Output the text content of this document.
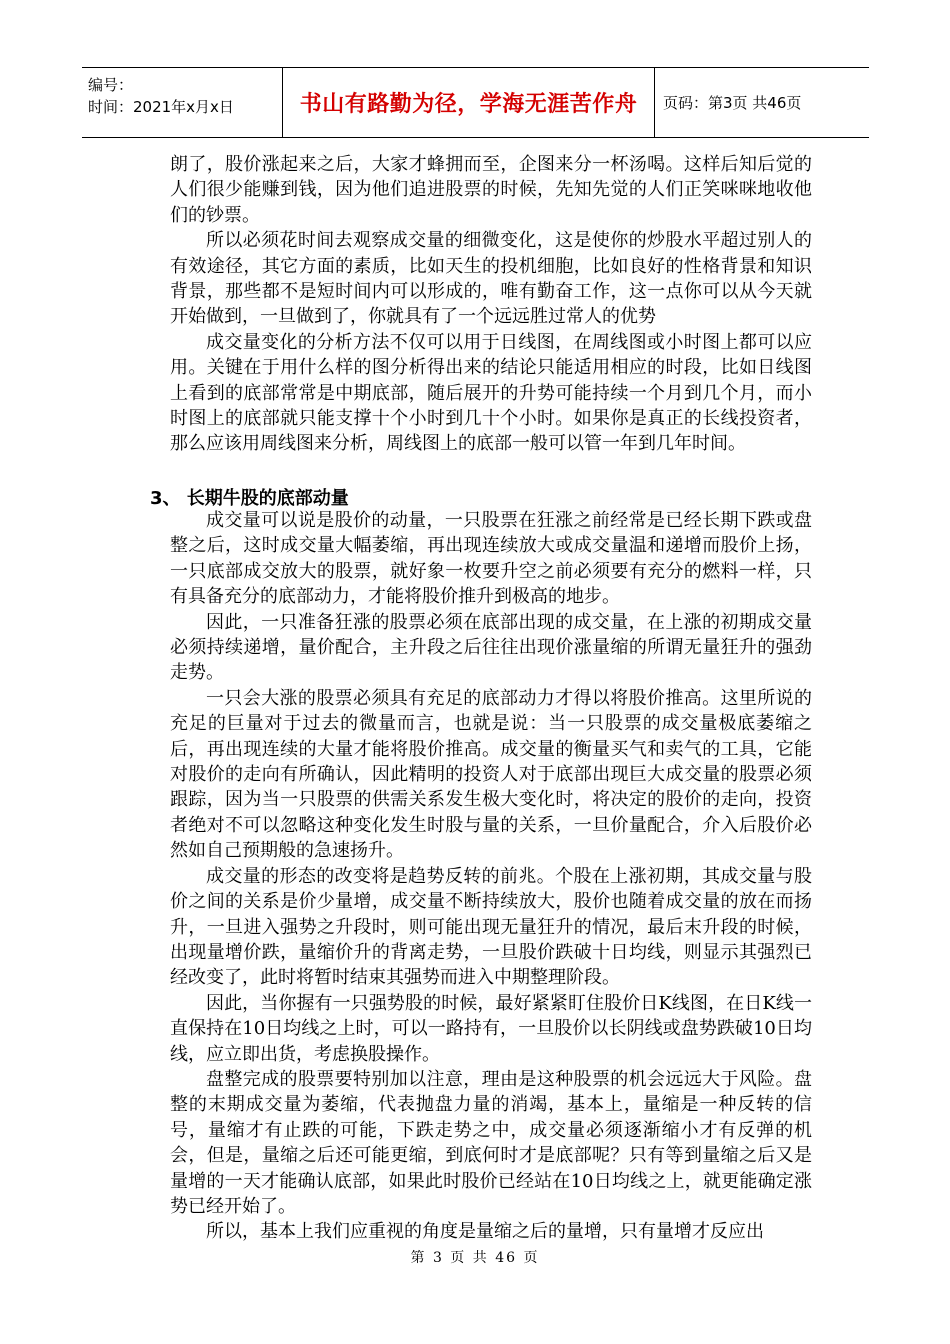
编号：
时间：2021年x月x日	书山有路勤为径，学海无涯苦作舟	页码：第3页 共46页

朗了，股价涨起来之后，大家才蜂拥而至，企图来分一杯汤喝。这样后知后觉的人们很少能赚到钱，因为他们追进股票的时候，先知先觉的人们正笑咪咪地收他们的钞票。

所以必须花时间去观察成交量的细微变化，这是使你的炒股水平超过别人的有效途径，其它方面的素质，比如天生的投机细胞，比如良好的性格背景和知识背景，那些都不是短时间内可以形成的，唯有勤奋工作，这一点你可以从今天就开始做到，一旦做到了，你就具有了一个远远胜过常人的优势

成交量变化的分析方法不仅可以用于日线图，在周线图或小时图上都可以应用。关键在于用什么样的图分析得出来的结论只能适用相应的时段，比如日线图上看到的底部常常是中期底部，随后展开的升势可能持续一个月到几个月，而小时图上的底部就只能支撑十个小时到几十个小时。如果你是真正的长线投资者，那么应该用周线图来分析，周线图上的底部一般可以管一年到几年时间。

3、 长期牛股的底部动量

成交量可以说是股价的动量，一只股票在狂涨之前经常是已经长期下跌或盘整之后，这时成交量大幅萎缩，再出现连续放大或成交量温和递增而股价上扬，一只底部成交放大的股票，就好象一枚要升空之前必须要有充分的燃料一样，只有具备充分的底部动力，才能将股价推升到极高的地步。

因此，一只准备狂涨的股票必须在底部出现的成交量，在上涨的初期成交量必须持续递增，量价配合，主升段之后往往出现价涨量缩的所谓无量狂升的强劲走势。

一只会大涨的股票必须具有充足的底部动力才得以将股价推高。这里所说的充足的巨量对于过去的微量而言，也就是说：当一只股票的成交量极底萎缩之后，再出现连续的大量才能将股价推高。成交量的衡量买气和卖气的工具，它能对股价的走向有所确认，因此精明的投资人对于底部出现巨大成交量的股票必须跟踪，因为当一只股票的供需关系发生极大变化时，将决定的股价的走向，投资者绝对不可以忽略这种变化发生时股与量的关系，一旦价量配合，介入后股价必然如自己预期般的急速扬升。

成交量的形态的改变将是趋势反转的前兆。个股在上涨初期，其成交量与股价之间的关系是价少量增，成交量不断持续放大，股价也随着成交量的放在而扬升，一旦进入强势之升段时，则可能出现无量狂升的情况，最后末升段的时候，出现量增价跌，量缩价升的背离走势，一旦股价跌破十日均线，则显示其强烈已经改变了，此时将暂时结束其强势而进入中期整理阶段。

因此，当你握有一只强势股的时候，最好紧紧盯住股价日K线图，在日K线一直保持在10日均线之上时，可以一路持有，一旦股价以长阴线或盘势跌破10日均线，应立即出货，考虑换股操作。

盘整完成的股票要特别加以注意，理由是这种股票的机会远远大于风险。盘整的末期成交量为萎缩，代表抛盘力量的消竭，基本上，量缩是一种反转的信号，量缩才有止跌的可能，下跌走势之中，成交量必须逐渐缩小才有反弹的机会，但是，量缩之后还可能更缩，到底何时才是底部呢？只有等到量缩之后又是量增的一天才能确认底部，如果此时股价已经站在10日均线之上，就更能确定涨势已经开始了。

所以，基本上我们应重视的角度是量缩之后的量增，只有量增才反应出

第 3 页 共 46 页
